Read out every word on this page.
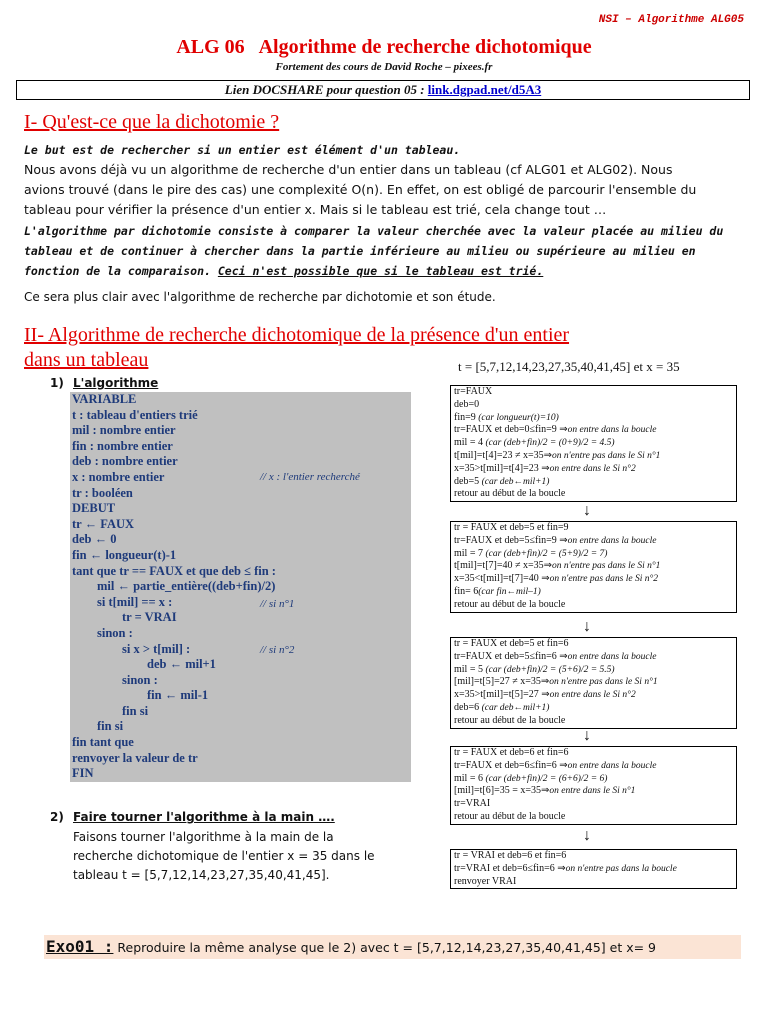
NSI – Algorithme ALG05
ALG 06   Algorithme de recherche dichotomique
Fortement des cours de David Roche – pixees.fr
Lien DOCSHARE pour question 05 : link.dgpad.net/d5A3
I- Qu'est-ce que la dichotomie ?
Le but est de rechercher si un entier est élément d'un tableau.
Nous avons déjà vu un algorithme de recherche d'un entier dans un tableau (cf ALG01 et ALG02). Nous
avions trouvé (dans le pire des cas) une complexité O(n). En effet, on est obligé de parcourir l'ensemble du
tableau pour vérifier la présence d'un entier x. Mais si le tableau est trié, cela change tout …
L'algorithme par dichotomie consiste à comparer la valeur cherchée avec la valeur placée au milieu du
tableau et de continuer à chercher dans la partie inférieure au milieu ou supérieure au milieu en
fonction de la comparaison. Ceci n'est possible que si le tableau est trié.
Ce sera plus clair avec l'algorithme de recherche par dichotomie et son étude.
II- Algorithme de recherche dichotomique de la présence d'un entier
dans un tableau	t = [5,7,12,14,23,27,35,40,41,45] et x = 35
1) L'algorithme
VARIABLE
t : tableau d'entiers trié
mil : nombre entier
fin : nombre entier
deb : nombre entier
x : nombre entier
tr : booléen
DEBUT
tr ← FAUX
deb ← 0
fin ← longueur(t)-1
tant que tr == FAUX et que deb ≤ fin :
mil ← partie_entière((deb+fin)/2)
si t[mil] == x :
tr = VRAI
sinon :
si x > t[mil] :
deb ← mil+1
sinon :
fin ← mil-1
fin si
fin si
fin tant que
renvoyer la valeur de tr
FIN
// x : l'entier recherché
// si n°1
// si n°2
2) Faire tourner l'algorithme à la main ….
Faisons tourner l'algorithme à la main de la
recherche dichotomique de l'entier x = 35 dans le
tableau t = [5,7,12,14,23,27,35,40,41,45].
tr=FAUX
deb=0
fin=9 (car longueur(t)=10)
tr=FAUX et deb=0≤fin=9 ⇒on entre dans la boucle
mil = 4 (car (deb+fin)/2 = (0+9)/2 = 4.5)
t[mil]=t[4]=23 ≠ x=35⇒on n'entre pas dans le Si n°1
x=35>t[mil]=t[4]=23 ⇒on entre dans le Si n°2
deb=5 (car deb←mil+1)
retour au début de la boucle
↓
tr = FAUX et deb=5 et fin=9
tr=FAUX et deb=5≤fin=9 ⇒on entre dans la boucle
mil = 7 (car (deb+fin)/2 = (5+9)/2 = 7)
t[mil]=t[7]=40 ≠ x=35⇒on n'entre pas dans le Si n°1
x=35<t[mil]=t[7]=40 ⇒on n'entre pas dans le Si n°2
fin= 6(car fin←mil–1)
retour au début de la boucle
↓
tr = FAUX et deb=5 et fin=6
tr=FAUX et deb=5≤fin=6 ⇒on entre dans la boucle
mil = 5 (car (deb+fin)/2 = (5+6)/2 = 5.5)
[mil]=t[5]=27 ≠ x=35⇒on n'entre pas dans le Si n°1
x=35>t[mil]=t[5]=27 ⇒on entre dans le Si n°2
deb=6 (car deb←mil+1)
retour au début de la boucle
↓
tr = FAUX et deb=6 et fin=6
tr=FAUX et deb=6≤fin=6 ⇒on entre dans la boucle
mil = 6 (car (deb+fin)/2 = (6+6)/2 = 6)
[mil]=t[6]=35 = x=35⇒on entre dans le Si n°1
tr=VRAI
retour au début de la boucle
↓
tr = VRAI et deb=6 et fin=6
tr=VRAI et deb=6≤fin=6 ⇒on n'entre pas dans la boucle
renvoyer VRAI
Exo01 : Reproduire la même analyse que le 2) avec t = [5,7,12,14,23,27,35,40,41,45] et x= 9
